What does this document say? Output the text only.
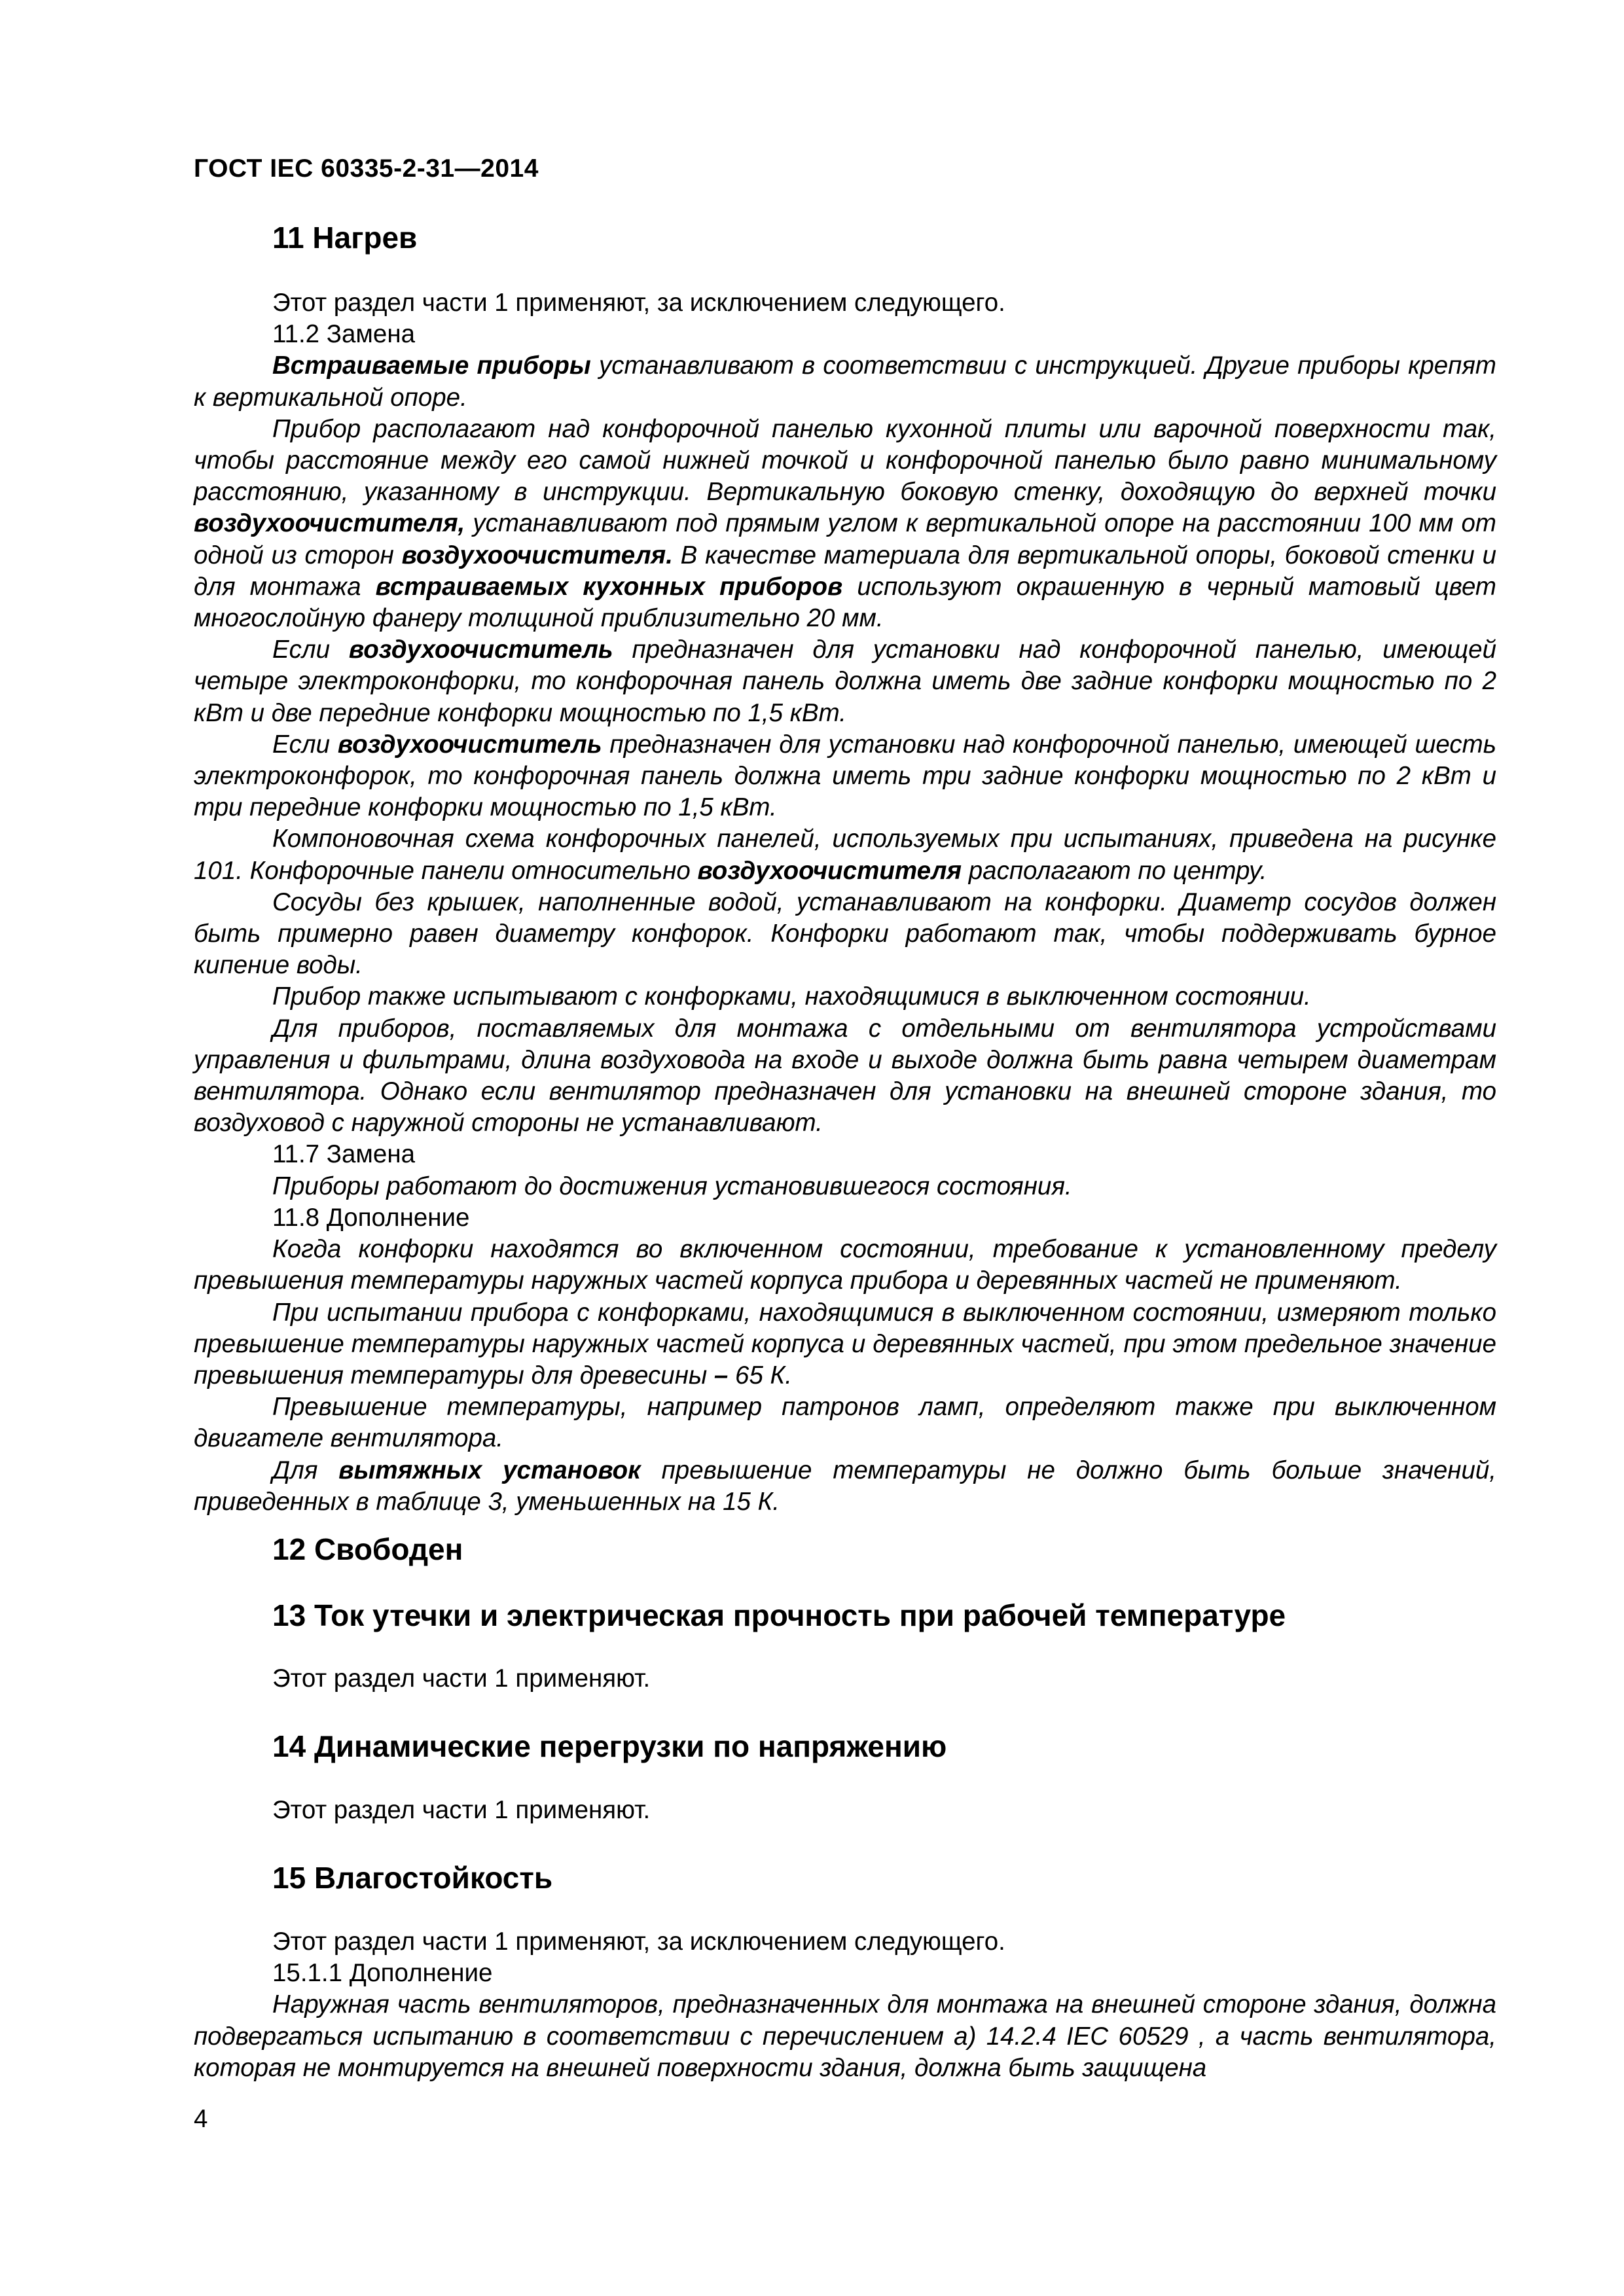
ГОСТ IEC 60335-2-31—2014
11 Нагрев

Этот раздел части 1 применяют, за исключением следующего.

11.2 Замена

Встраиваемые приборы устанавливают в соответствии с инструкцией. Другие приборы крепят к вертикальной опоре.

Прибор располагают над конфорочной панелью кухонной плиты или варочной поверхности так, чтобы расстояние между его самой нижней точкой и конфорочной панелью было равно минимальному расстоянию, указанному в инструкции. Вертикальную боковую стенку, доходящую до верхней точки воздухоочистителя, устанавливают под прямым углом к вертикальной опоре на расстоянии 100 мм от одной из сторон воздухоочистителя. В качестве материала для вертикальной опоры, боковой стенки и для монтажа встраиваемых кухонных приборов используют окрашенную в черный матовый цвет многослойную фанеру толщиной приблизительно 20 мм.

Если воздухоочиститель предназначен для установки над конфорочной панелью, имеющей четыре электроконфорки, то конфорочная панель должна иметь две задние конфорки мощностью по 2 кВт и две передние конфорки мощностью по 1,5 кВт.

Если воздухоочиститель предназначен для установки над конфорочной панелью, имеющей шесть электроконфорок, то конфорочная панель должна иметь три задние конфорки мощностью по 2 кВт и три передние конфорки мощностью по 1,5 кВт.

Компоновочная схема конфорочных панелей, используемых при испытаниях, приведена на рисунке 101. Конфорочные панели относительно воздухоочистителя располагают по центру.

Сосуды без крышек, наполненные водой, устанавливают на конфорки. Диаметр сосудов должен быть примерно равен диаметру конфорок. Конфорки работают так, чтобы поддерживать бурное кипение воды.

Прибор также испытывают с конфорками, находящимися в выключенном состоянии.

Для приборов, поставляемых для монтажа с отдельными от вентилятора устройствами управления и фильтрами, длина воздуховода на входе и выходе должна быть равна четырем диаметрам вентилятора. Однако если вентилятор предназначен для установки на внешней стороне здания, то воздуховод с наружной стороны не устанавливают.

11.7 Замена

Приборы работают до достижения установившегося состояния.

11.8 Дополнение

Когда конфорки находятся во включенном состоянии, требование к установленному пределу превышения температуры наружных частей корпуса прибора и деревянных частей не применяют.

При испытании прибора с конфорками, находящимися в выключенном состоянии, измеряют только превышение температуры наружных частей корпуса и деревянных частей, при этом предельное значение превышения температуры для древесины – 65 К.

Превышение температуры, например патронов ламп, определяют также при выключенном двигателе вентилятора.

Для вытяжных установок превышение температуры не должно быть больше значений, приведенных в таблице 3, уменьшенных на 15 К.

12 Свободен
13 Ток утечки и электрическая прочность при рабочей температуре
Этот раздел части 1 применяют.
14 Динамические перегрузки по напряжению
Этот раздел части 1 применяют.
15 Влагостойкость

Этот раздел части 1 применяют, за исключением следующего.

15.1.1 Дополнение

Наружная часть вентиляторов, предназначенных для монтажа на внешней стороне здания, должна подвергаться испытанию в соответствии с перечислением а) 14.2.4 IEC 60529 , а часть вентилятора, которая не монтируется на внешней поверхности здания, должна быть защищена

4
